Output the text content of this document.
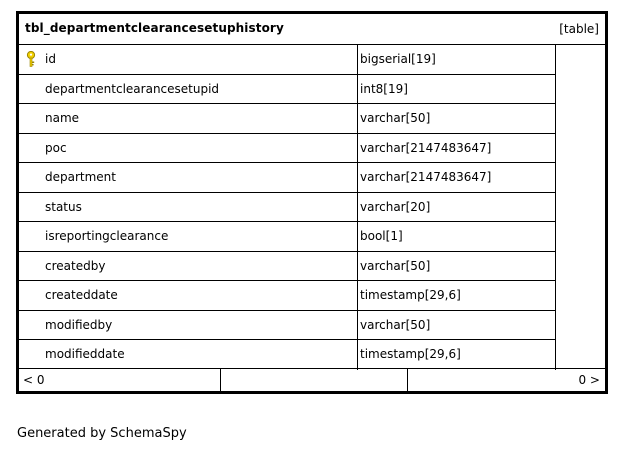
tbl_departmentclearancesetuphistory	[table]
id	bigserial[19]
departmentclearancesetupid	int8[19]
name	varchar[50]
poc	varchar[2147483647]
department	varchar[2147483647]
status	varchar[20]
isreportingclearance	bool[1]
createdby	varchar[50]
createddate	timestamp[29,6]
modifiedby	varchar[50]
modifieddate	timestamp[29,6]
< 0	0 >
Generated by SchemaSpy
